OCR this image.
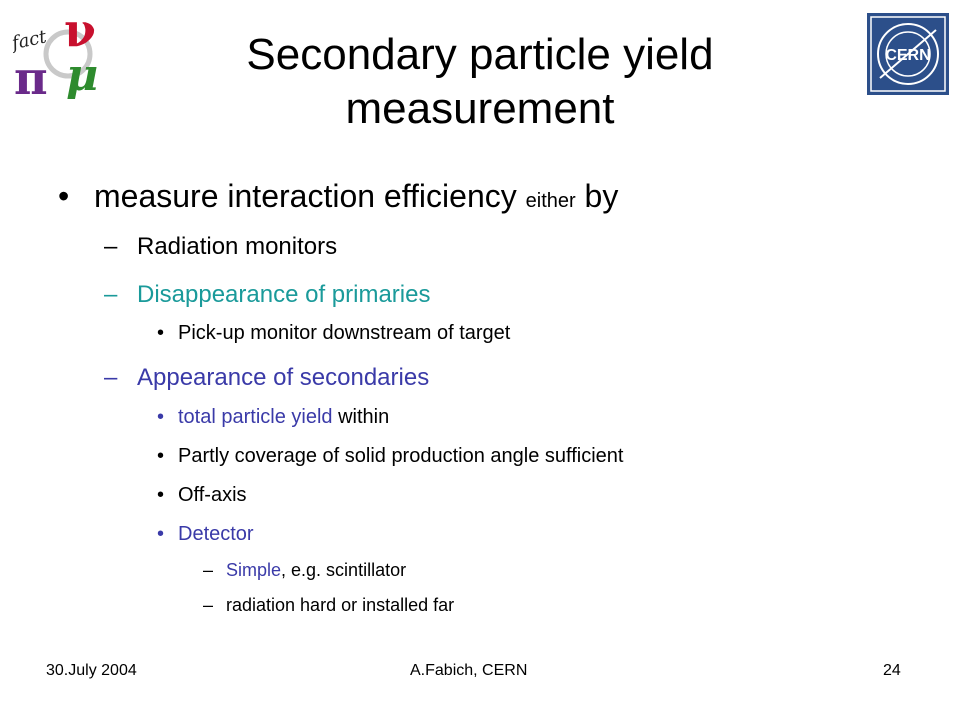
ν
fact
π μ	CERN
Secondary particle yield
measurement
• measure interaction efficiency either by
– Radiation monitors
– Disappearance of primaries
• Pick-up monitor downstream of target
– Appearance of secondaries
• total particle yield within
• Partly coverage of solid production angle sufficient
• Off-axis
• Detector
– Simple, e.g. scintillator
– radiation hard or installed far
30.July 2004	A.Fabich, CERN	24
